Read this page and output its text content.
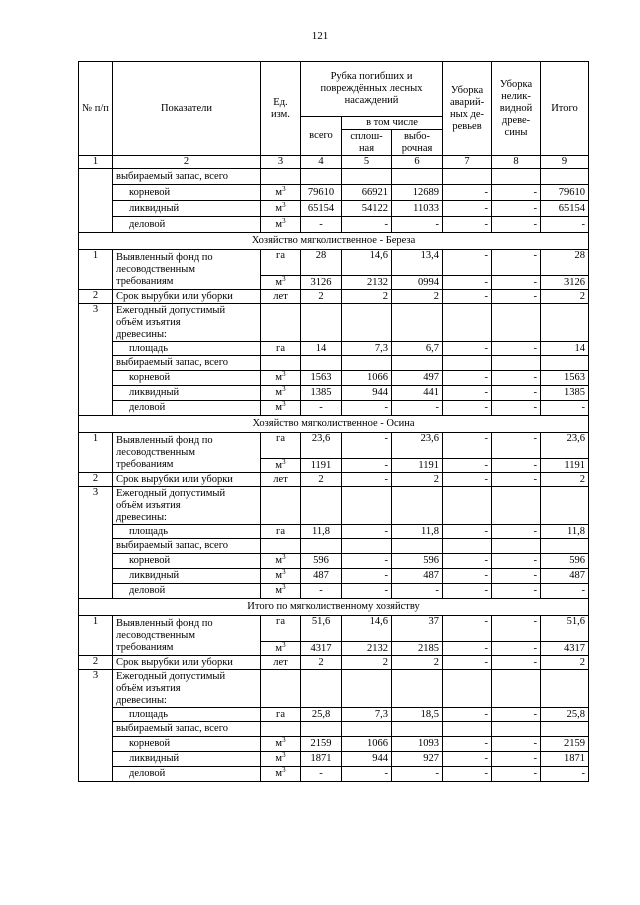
121
№ п/п	Показатели	Ед. изм.	Рубка погибших и повреждённых лесных насаждений			Уборка аварий-ных де-ревьев	Уборка нелик-видной древе-сины	Итого
			всего	в том числе				
				сплош-ная	выбо-рочная			
1	2	3	4	5	6	7	8	9
	выбираемый запас, всего							
	корневой	$м^3$	79610	66921	12689	-	-	79610
	ликвидный	$м^3$	65154	54122	11033	-	-	65154
	деловой	$м^3$	-	-	-	-	-	-
Хозяйство мягколиственное - Береза								
1	Выявленный фонд по
лесоводственным
требованиям	га	28	14,6	13,4	-	-	28
		$м^3$	3126	2132	0994	-	-	3126
2	Срок вырубки или уборки	лет	2	2	2	-	-	2
3	Ежегодный допустимый
объём изъятия
древесины:							

	площадь	га	14	7,3	6,7	-	-	14
	выбираемый запас, всего							
	корневой	$м^3$	1563	1066	497	-	-	1563
	ликвидный	$м^3$	1385	944	441	-	-	1385
	деловой	$м^3$	-	-	-	-	-	-
Хозяйство мягколиственное - Осина								
1	Выявленный фонд по
лесоводственным
требованиям	га	23,6	-	23,6	-	-	23,6
		$м^3$	1191	-	1191	-	-	1191
2	Срок вырубки или уборки	лет	2	-	2	-	-	2
3	Ежегодный допустимый
объём изъятия
древесины:							

	площадь	га	11,8	-	11,8	-	-	11,8
	выбираемый запас, всего							
	корневой	$м^3$	596	-	596	-	-	596
	ликвидный	$м^3$	487	-	487	-	-	487
	деловой	$м^3$	-	-	-	-	-	-
Итого по мягколиственному хозяйству								
1	Выявленный фонд по
лесоводственным
требованиям	га	51,6	14,6	37	-	-	51,6
		$м^3$	4317	2132	2185	-	-	4317
2	Срок вырубки или уборки	лет	2	2	2	-	-	2
3	Ежегодный допустимый
объём изъятия
древесины:							

	площадь	га	25,8	7,3	18,5	-	-	25,8
	выбираемый запас, всего							
	корневой	$м^3$	2159	1066	1093	-	-	2159
	ликвидный	$м^3$	1871	944	927	-	-	1871
	деловой	$м^3$	-	-	-	-	-	-
